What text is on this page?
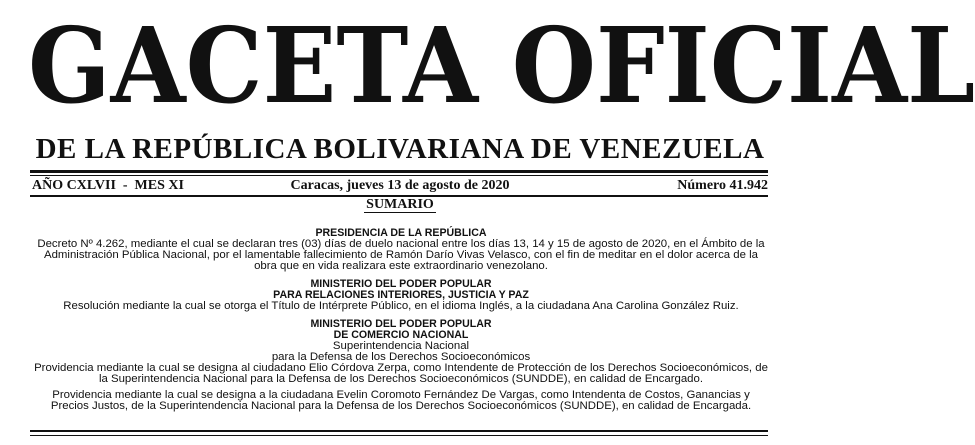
GACETA OFICIAL
DE LA REPÚBLICA BOLIVARIANA DE VENEZUELA
Caracas, jueves 13 de agosto de 2020
AÑO CXLVII  -  MES XI	Número 41.942
SUMARIO
PRESIDENCIA DE LA REPÚBLICA
Decreto Nº 4.262, mediante el cual se declaran tres (03) días de duelo nacional entre los días 13, 14 y 15 de agosto de 2020, en el Ámbito de la Administración Pública Nacional, por el lamentable fallecimiento de Ramón Darío Vivas Velasco, con el fin de meditar en el dolor acerca de la obra que en vida realizara este extraordinario venezolano.
MINISTERIO DEL PODER POPULAR
PARA RELACIONES INTERIORES, JUSTICIA Y PAZ
Resolución mediante la cual se otorga el Título de Intérprete Público, en el idioma Inglés, a la ciudadana Ana Carolina González Ruiz.
MINISTERIO DEL PODER POPULAR
DE COMERCIO NACIONAL
Superintendencia Nacional
para la Defensa de los Derechos Socioeconómicos
Providencia mediante la cual se designa al ciudadano Elio Córdova Zerpa, como Intendente de Protección de los Derechos Socioeconómicos, de la Superintendencia Nacional para la Defensa de los Derechos Socioeconómicos (SUNDDE), en calidad de Encargado.
Providencia mediante la cual se designa a la ciudadana Evelin Coromoto Fernández De Vargas, como Intendenta de Costos, Ganancias y Precios Justos, de la Superintendencia Nacional para la Defensa de los Derechos Socioeconómicos (SUNDDE), en calidad de Encargada.
